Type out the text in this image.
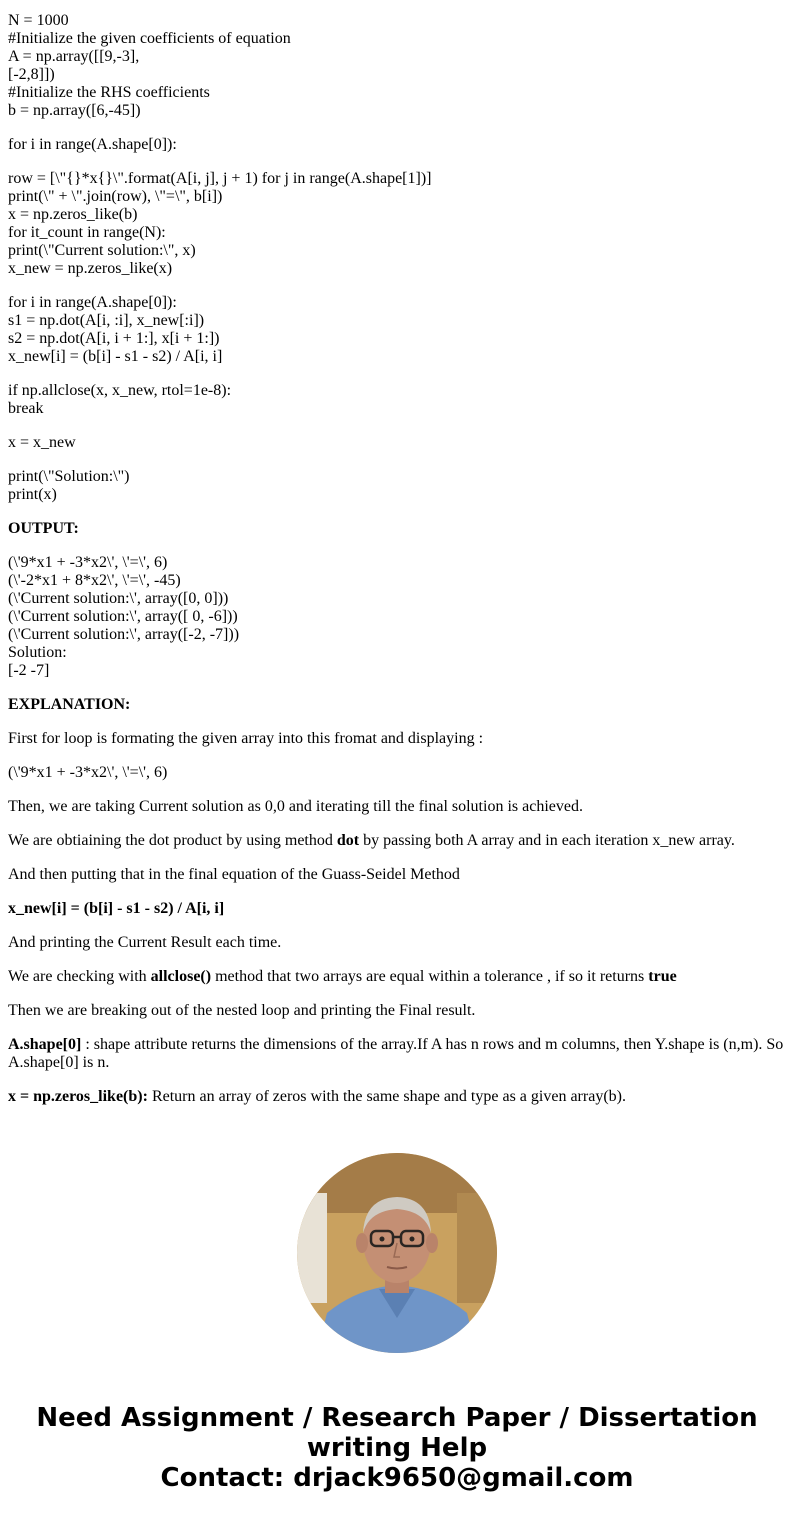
N = 1000
#Initialize the given coefficients of equation
A = np.array([[9,-3],
[-2,8]])
#Initialize the RHS coefficients
b = np.array([6,-45])
for i in range(A.shape[0]):
row = [\"{}*x{}\".format(A[i, j], j + 1) for j in range(A.shape[1])]
print(\" + \".join(row), \"=\", b[i])
x = np.zeros_like(b)
for it_count in range(N):
print(\"Current solution:\", x)
x_new = np.zeros_like(x)
for i in range(A.shape[0]):
s1 = np.dot(A[i, :i], x_new[:i])
s2 = np.dot(A[i, i + 1:], x[i + 1:])
x_new[i] = (b[i] - s1 - s2) / A[i, i]
if np.allclose(x, x_new, rtol=1e-8):
break
x = x_new
print(\"Solution:\")
print(x)
OUTPUT:
(\'9*x1 + -3*x2\', \'=\', 6)
(\'-2*x1 + 8*x2\', \'=\', -45)
(\'Current solution:\', array([0, 0]))
(\'Current solution:\', array([ 0, -6]))
(\'Current solution:\', array([-2, -7]))
Solution:
[-2 -7]
EXPLANATION:
First for loop is formating the given array into this fromat and displaying :
(\'9*x1 + -3*x2\', \'=\', 6)
Then, we are taking Current solution as 0,0 and iterating till the final solution is achieved.
We are obtiaining the dot product by using method dot by passing both A array and in each iteration x_new array.
And then putting that in the final equation of the Guass-Seidel Method
x_new[i] = (b[i] - s1 - s2) / A[i, i]
And printing the Current Result each time.
We are checking with allclose() method that two arrays are equal within a tolerance , if so it returns true
Then we are breaking out of the nested loop and printing the Final result.
A.shape[0] : shape attribute returns the dimensions of the array.If A has n rows and m columns, then Y.shape is (n,m). So A.shape[0] is n.
x = np.zeros_like(b): Return an array of zeros with the same shape and type as a given array(b).
Need Assignment / Research Paper / Dissertation
writing Help
Contact: drjack9650@gmail.com
